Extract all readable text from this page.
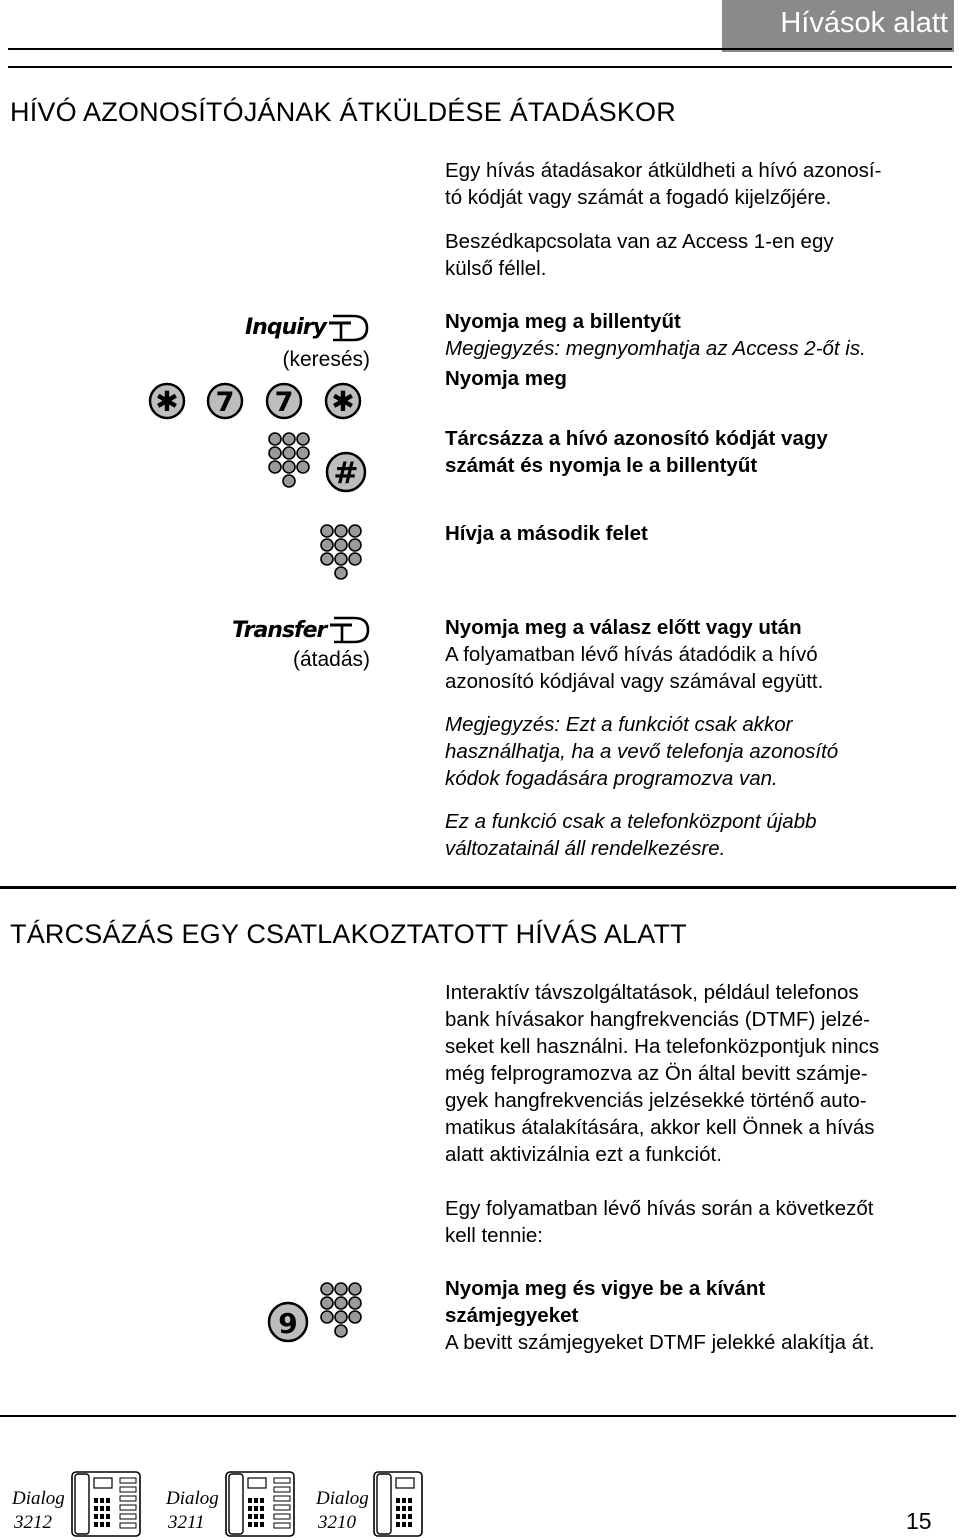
Hívások alatt
HÍVÓ AZONOSÍTÓJÁNAK ÁTKÜLDÉSE ÁTADÁSKOR

Egy hívás átadásakor átküldheti a hívó azonosí-

tó kódját vagy számát a fogadó kijelzőjére.

Beszédkapcsolata van az Access 1-en egy

külső féllel.

Nyomja meg a billentyűt

Megjegyzés: megnyomhatja az Access 2-őt is.

Nyomja meg

Tárcsázza a hívó azonosító kódját vagy

számát és nyomja le a billentyűt

Hívja a második felet

Nyomja meg a válasz előtt vagy után

A folyamatban lévő hívás átadódik a hívó

azonosító kódjával vagy számával együtt.

Megjegyzés: Ezt a funkciót csak akkor

használhatja, ha a vevő telefonja azonosító

kódok fogadására programozva van.

Ez a funkció csak a telefonközpont újabb

változatainál áll rendelkezésre.

Inquiry
(keresés)
✱ 7 7 ✱
#
Transfer
(átadás)
TÁRCSÁZÁS EGY CSATLAKOZTATOTT HÍVÁS ALATT

Interaktív távszolgáltatások, például telefonos

bank hívásakor hangfrekvenciás (DTMF) jelzé-

seket kell használni. Ha telefonközpontjuk nincs

még felprogramozva az Ön által bevitt számje-

gyek hangfrekvenciás jelzésekké történő auto-

matikus átalakítására, akkor kell Önnek a hívás

alatt aktivizálnia ezt a funkciót.

Egy folyamatban lévő hívás során a következőt

kell tennie:

Nyomja meg és vigye be a kívánt

számjegyeket

A bevitt számjegyeket DTMF jelekké alakítja át.

9
Dialog
3212
Dialog
3211
Dialog
3210	15
